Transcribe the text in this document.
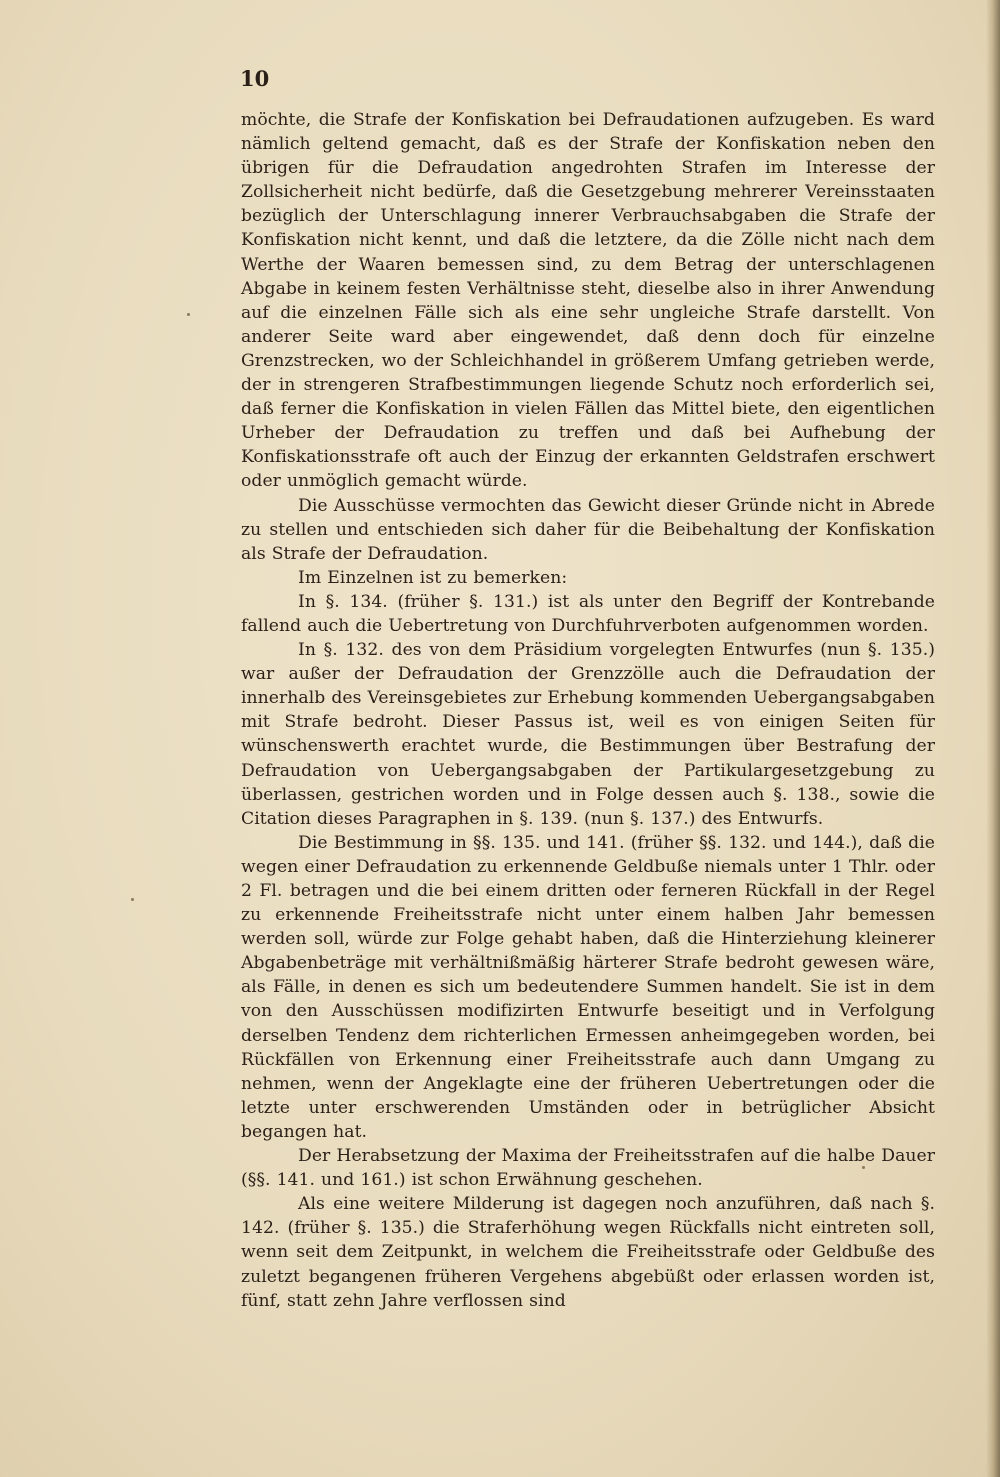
10

möchte, die Strafe der Konfiskation bei Defraudationen aufzugeben. Es ward nämlich geltend gemacht, daß es der Strafe der Konfiskation neben den übrigen für die Defraudation angedrohten Strafen im Interesse der Zollsicherheit nicht bedürfe, daß die Gesetzgebung mehrerer Vereinsstaaten bezüglich der Unterschlagung innerer Verbrauchsabgaben die Strafe der Konfiskation nicht kennt, und daß die letztere, da die Zölle nicht nach dem Werthe der Waaren bemessen sind, zu dem Betrag der unterschlagenen Abgabe in keinem festen Verhältnisse steht, dieselbe also in ihrer Anwendung auf die einzelnen Fälle sich als eine sehr ungleiche Strafe darstellt. Von anderer Seite ward aber eingewendet, daß denn doch für einzelne Grenzstrecken, wo der Schleichhandel in größerem Umfang getrieben werde, der in strengeren Strafbestimmungen liegende Schutz noch erforderlich sei, daß ferner die Konfiskation in vielen Fällen das Mittel biete, den eigentlichen Urheber der Defraudation zu treffen und daß bei Aufhebung der Konfiskationsstrafe oft auch der Einzug der erkannten Geldstrafen erschwert oder unmöglich gemacht würde.

Die Ausschüsse vermochten das Gewicht dieser Gründe nicht in Abrede zu stellen und entschieden sich daher für die Beibehaltung der Konfiskation als Strafe der Defraudation.

Im Einzelnen ist zu bemerken:

In §. 134. (früher §. 131.) ist als unter den Begriff der Kontrebande fallend auch die Uebertretung von Durchfuhrverboten aufgenommen worden.

In §. 132. des von dem Präsidium vorgelegten Entwurfes (nun §. 135.) war außer der Defraudation der Grenzzölle auch die Defraudation der innerhalb des Vereinsgebietes zur Erhebung kommenden Uebergangsabgaben mit Strafe bedroht. Dieser Passus ist, weil es von einigen Seiten für wünschenswerth erachtet wurde, die Bestimmungen über Bestrafung der Defraudation von Uebergangsabgaben der Partikulargesetzgebung zu überlassen, gestrichen worden und in Folge dessen auch §. 138., sowie die Citation dieses Paragraphen in §. 139. (nun §. 137.) des Entwurfs.

Die Bestimmung in §§. 135. und 141. (früher §§. 132. und 144.), daß die wegen einer Defraudation zu erkennende Geldbuße niemals unter 1 Thlr. oder 2 Fl. betragen und die bei einem dritten oder ferneren Rückfall in der Regel zu erkennende Freiheitsstrafe nicht unter einem halben Jahr bemessen werden soll, würde zur Folge gehabt haben, daß die Hinterziehung kleinerer Abgabenbeträge mit verhältnißmäßig härterer Strafe bedroht gewesen wäre, als Fälle, in denen es sich um bedeutendere Summen handelt. Sie ist in dem von den Ausschüssen modifizirten Entwurfe beseitigt und in Verfolgung derselben Tendenz dem richterlichen Ermessen anheimgegeben worden, bei Rückfällen von Erkennung einer Freiheitsstrafe auch dann Umgang zu nehmen, wenn der Angeklagte eine der früheren Uebertretungen oder die letzte unter erschwerenden Umständen oder in betrüglicher Absicht begangen hat.

Der Herabsetzung der Maxima der Freiheitsstrafen auf die halbe Dauer (§§. 141. und 161.) ist schon Erwähnung geschehen.

Als eine weitere Milderung ist dagegen noch anzuführen, daß nach §. 142. (früher §. 135.) die Straferhöhung wegen Rückfalls nicht eintreten soll, wenn seit dem Zeitpunkt, in welchem die Freiheitsstrafe oder Geldbuße des zuletzt begangenen früheren Vergehens abgebüßt oder erlassen worden ist, fünf, statt zehn Jahre verflossen sind
